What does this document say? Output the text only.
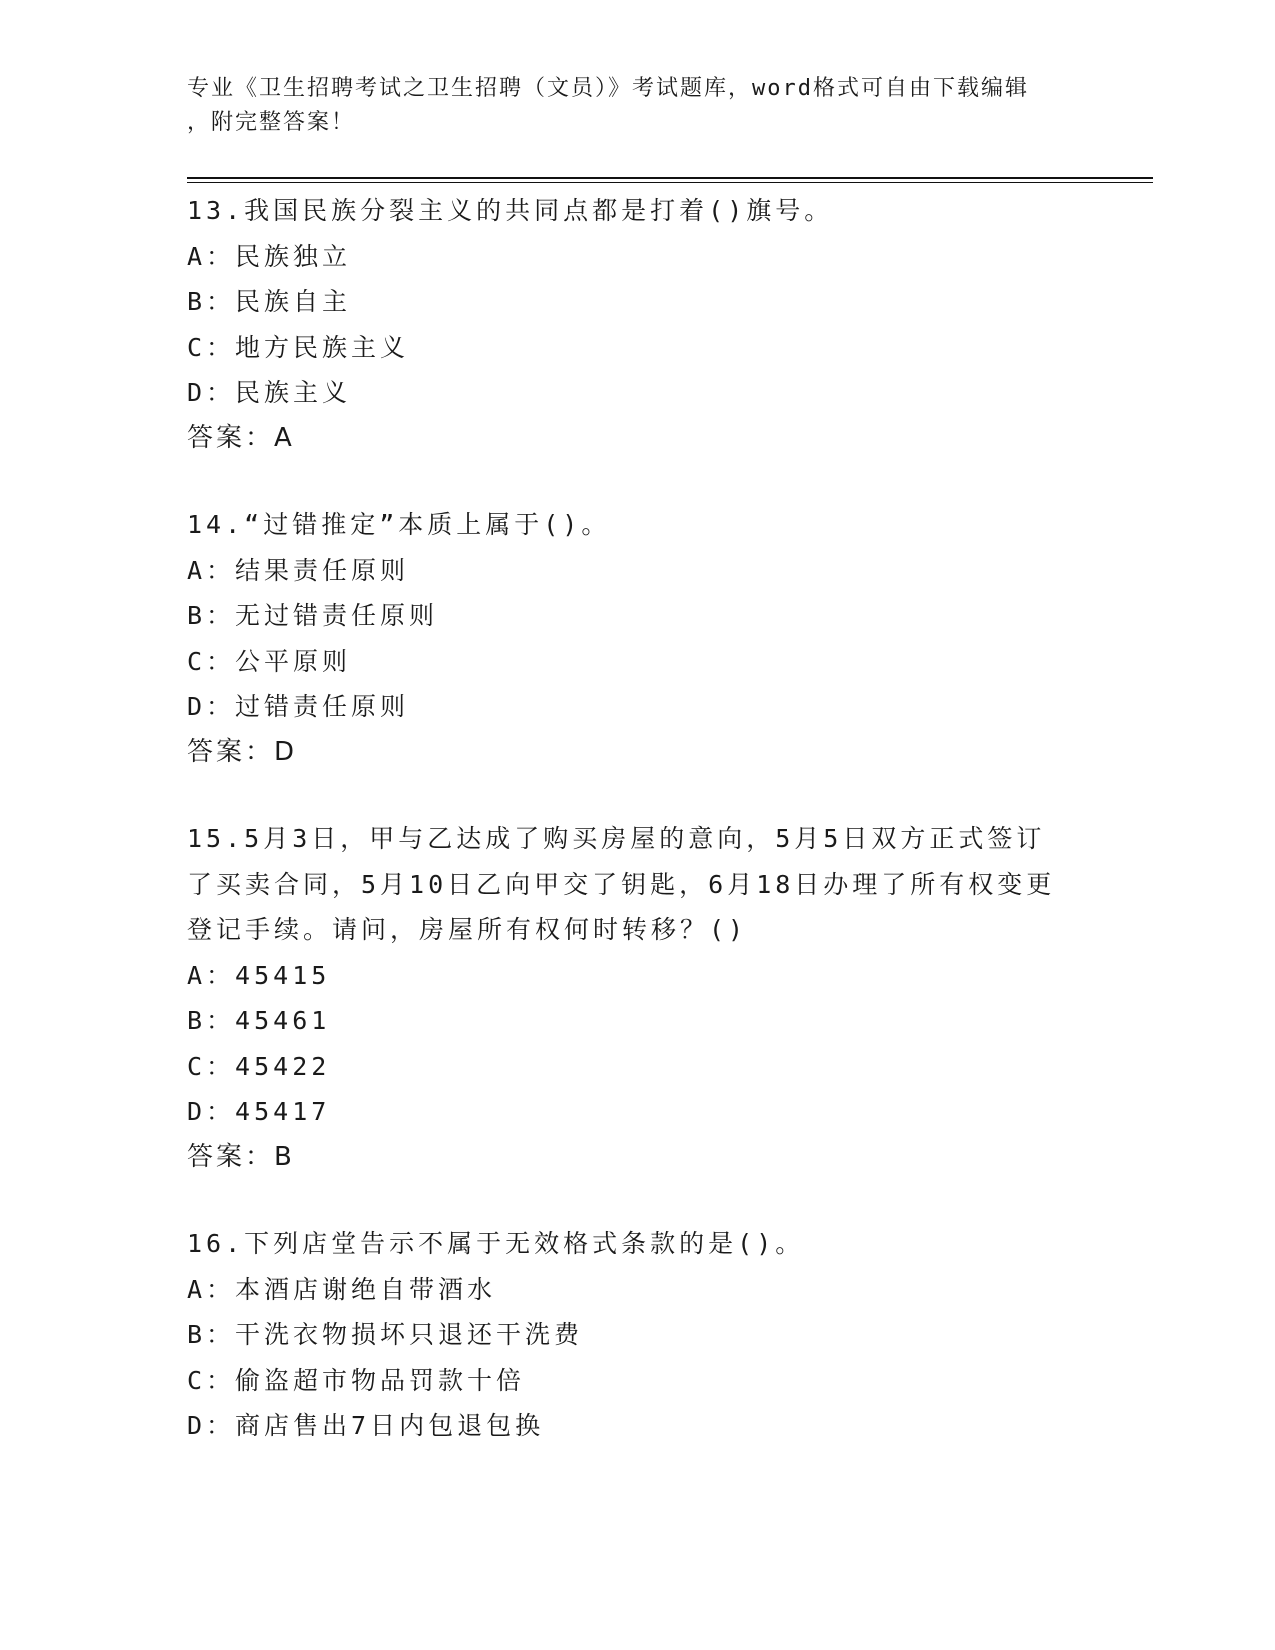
专业《卫生招聘考试之卫生招聘（文员）》考试题库，word格式可自由下载编辑
，附完整答案！
13.我国民族分裂主义的共同点都是打着()旗号。
A：民族独立
B：民族自主
C：地方民族主义
D：民族主义
答案：A
14.“过错推定”本质上属于()。
A：结果责任原则
B：无过错责任原则
C：公平原则
D：过错责任原则
答案：D
15.5月3日，甲与乙达成了购买房屋的意向，5月5日双方正式签订
了买卖合同，5月10日乙向甲交了钥匙，6月18日办理了所有权变更
登记手续。请问，房屋所有权何时转移？()
A：45415
B：45461
C：45422
D：45417
答案：B
16.下列店堂告示不属于无效格式条款的是()。
A：本酒店谢绝自带酒水
B：干洗衣物损坏只退还干洗费
C：偷盗超市物品罚款十倍
D：商店售出7日内包退包换
